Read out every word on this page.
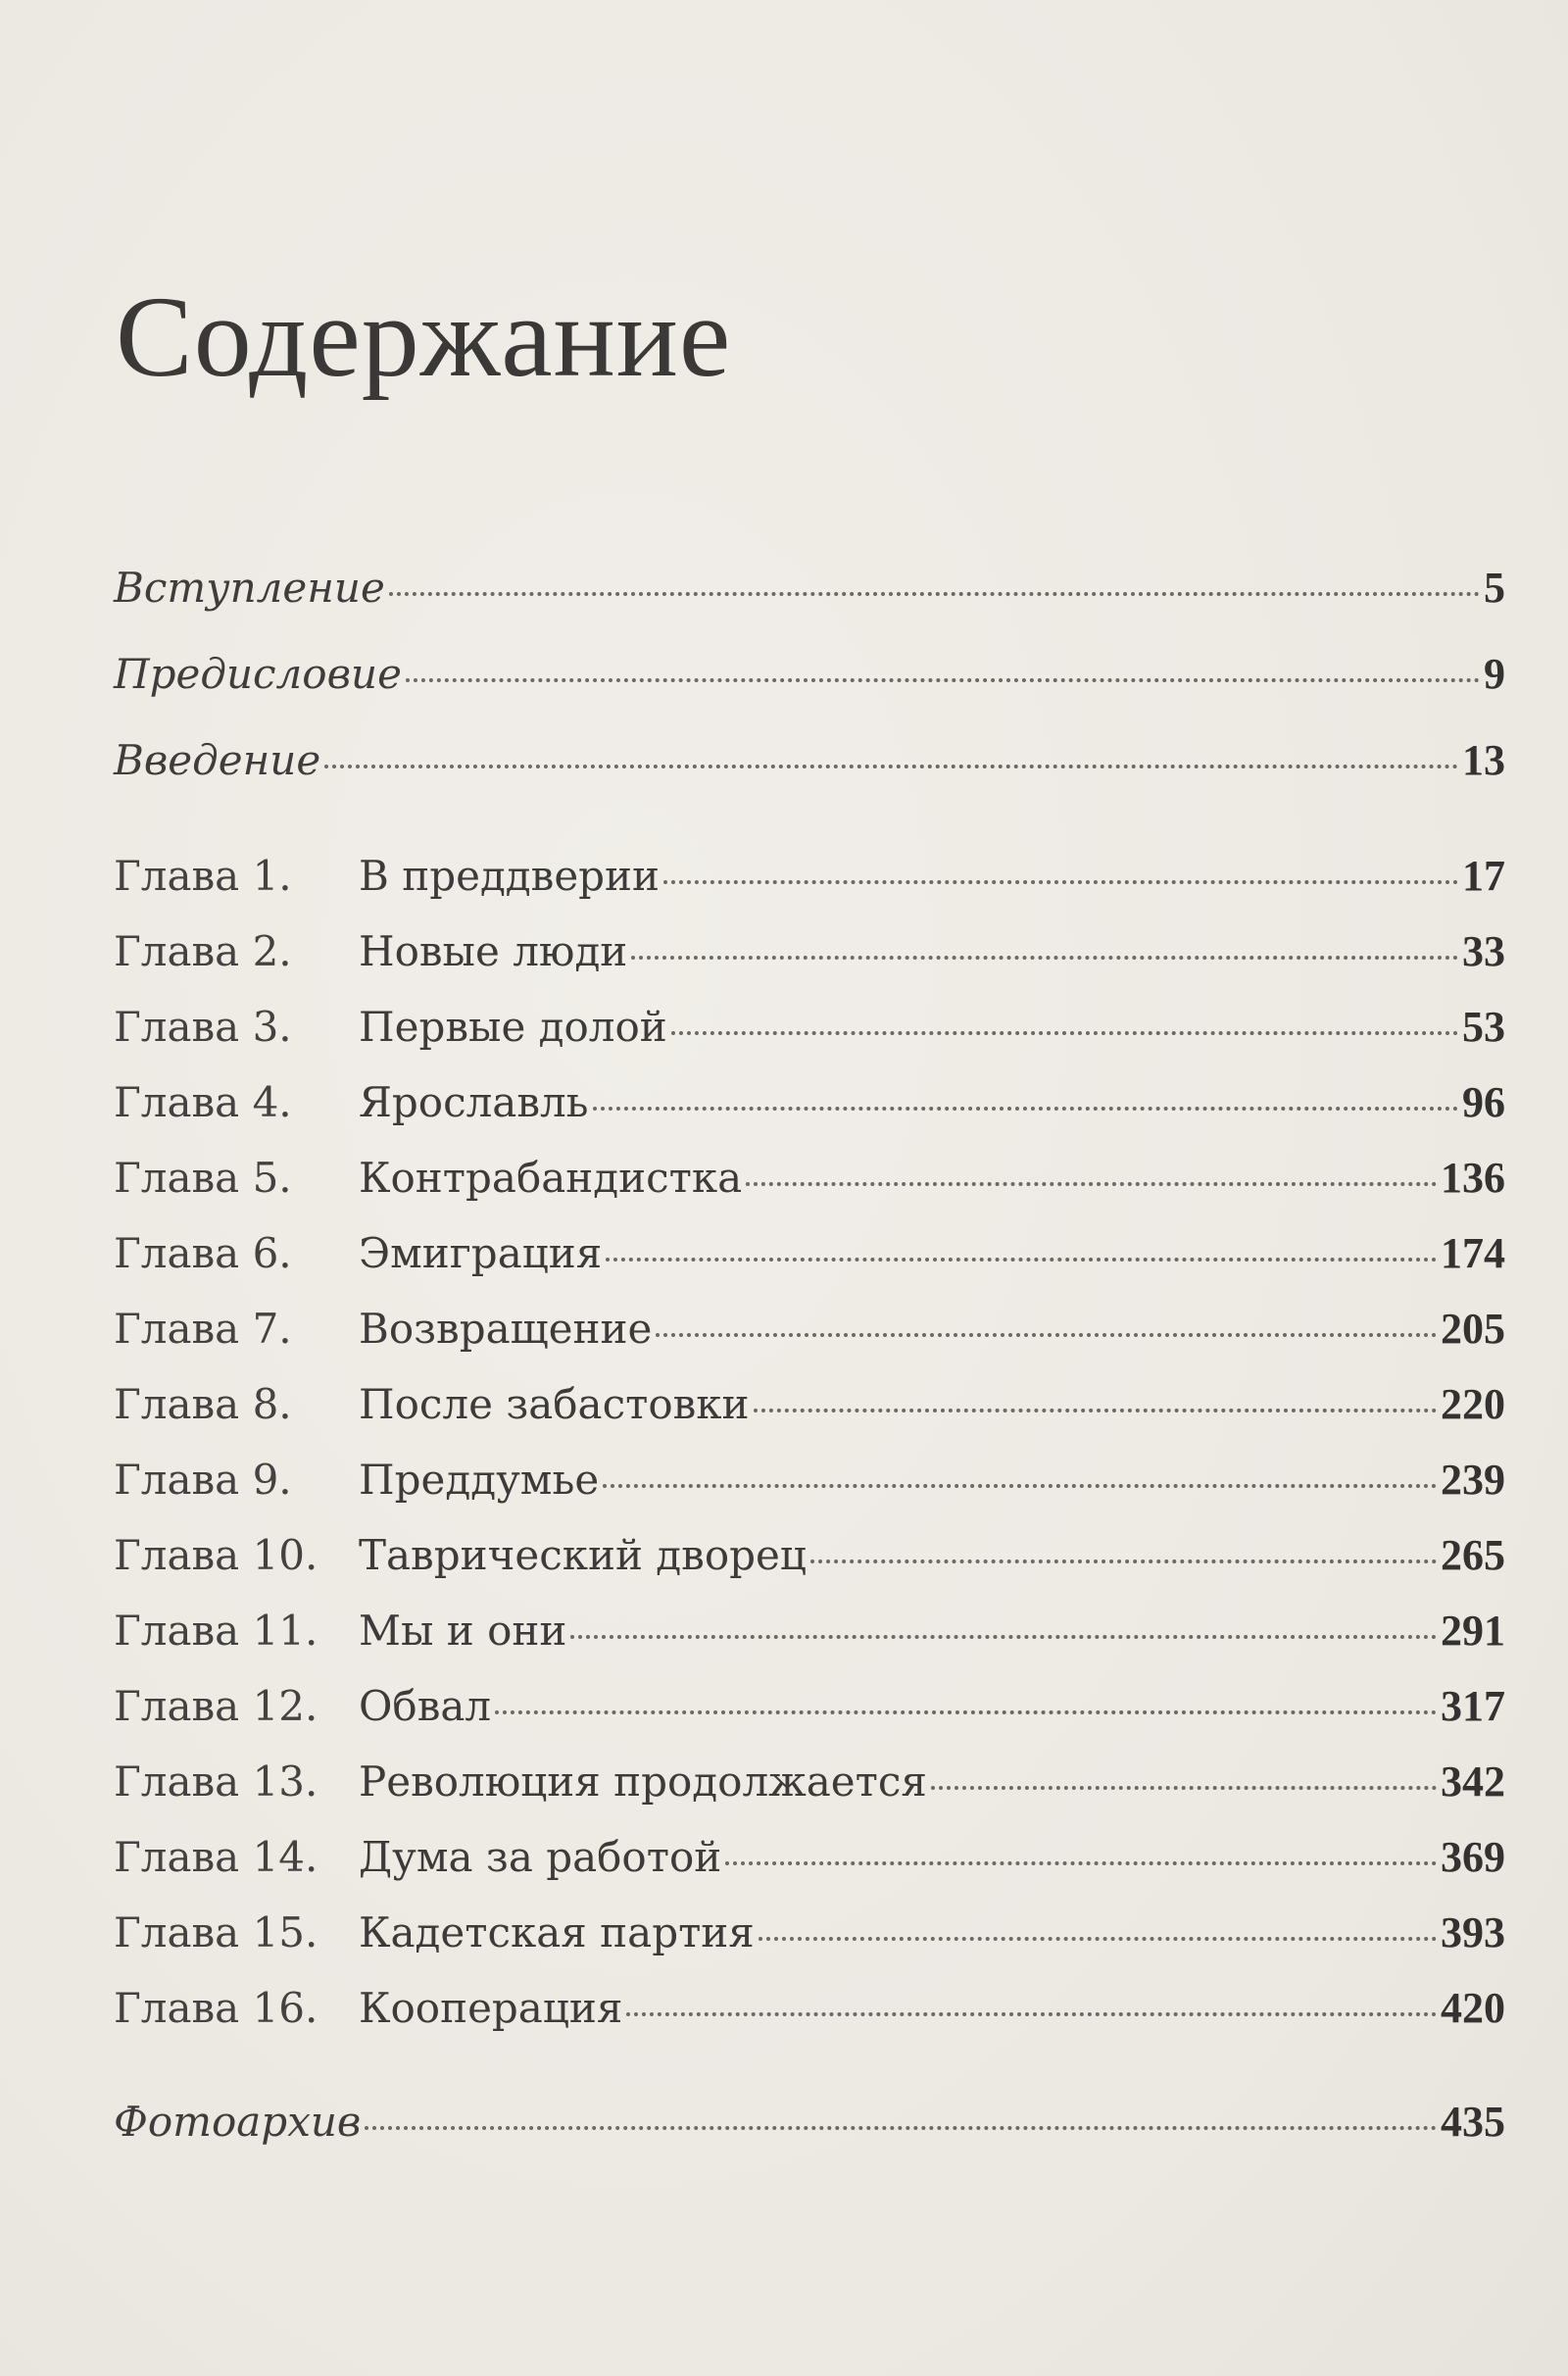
Содержание
Вступление	5
Предисловие	9
Введение	13
Глава 1.	В преддверии	17
Глава 2.	Новые люди	33
Глава 3.	Первые долой	53
Глава 4.	Ярославль	96
Глава 5.	Контрабандистка	136
Глава 6.	Эмиграция	174
Глава 7.	Возвращение	205
Глава 8.	После забастовки	220
Глава 9.	Преддумье	239
Глава 10. Таврический дворец	265
Глава 11. Мы и они	291
Глава 12. Обвал	317
Глава 13. Революция продолжается	342
Глава 14. Дума за работой	369
Глава 15. Кадетская партия	393
Глава 16. Кооперация	420
Фотоархив	435
